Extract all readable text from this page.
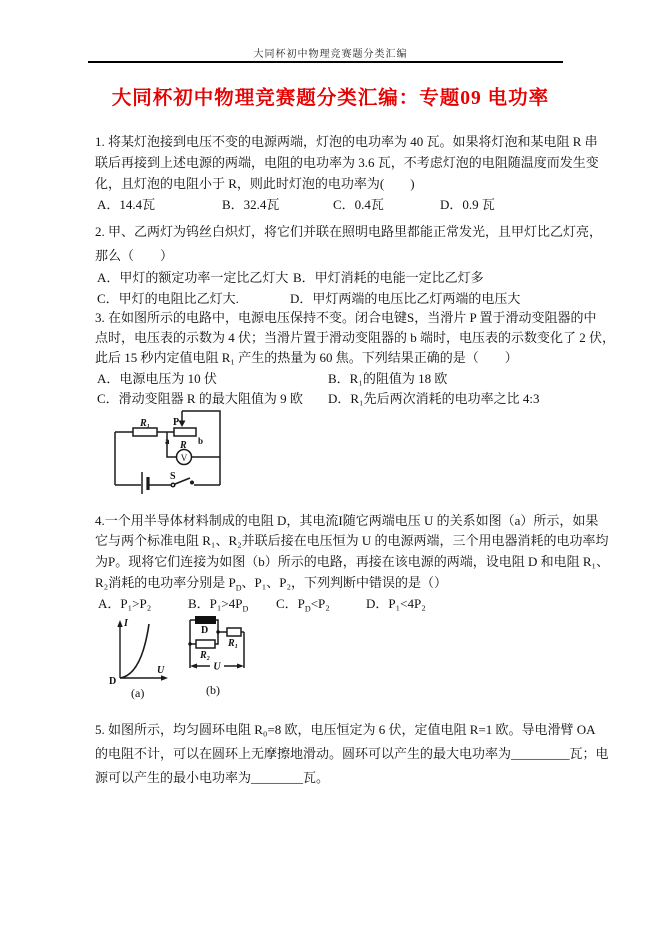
大同杯初中物理竞赛题分类汇编
大同杯初中物理竞赛题分类汇编：专题09 电功率
1. 将某灯泡接到电压不变的电源两端，灯泡的电功率为 40 瓦。如果将灯泡和某电阻 R 串
联后再接到上述电源的两端，电阻的电功率为 3.6 瓦，不考虑灯泡的电阻随温度而发生变
化，且灯泡的电阻小于 R，则此时灯泡的电功率为(　　)
A．14.4瓦	B．32.4瓦	C．0.4瓦	D．0.9 瓦
2. 甲、乙两灯为钨丝白炽灯，将它们并联在照明电路里都能正常发光，且甲灯比乙灯亮，
那么（　　）
A．甲灯的额定功率一定比乙灯大 B．甲灯消耗的电能一定比乙灯多
C．甲灯的电阻比乙灯大.	D．甲灯两端的电压比乙灯两端的电压大
3. 在如图所示的电路中，电源电压保持不变。闭合电键S，当滑片 P 置于滑动变阻器的中
点时，电压表的示数为 4 伏；当滑片置于滑动变阻器的 b 端时，电压表的示数变化了 2 伏，
此后 15 秒内定值电阻 R₁ 产生的热量为 60 焦。下列结果正确的是（　　）
A．电源电压为 10 伏	B．R₁的阻值为 18 欧
C．滑动变阻器 R 的最大阻值为 9 欧 D．R₁先后两次消耗的电功率之比 4:3
R₁ P
a	b
R
V
S
4.一个用半导体材料制成的电阻 D，其电流I随它两端电压 U 的关系如图（a）所示，如果
它与两个标准电阻 R₁、R₂并联后接在电压恒为 U 的电源两端，三个用电器消耗的电功率均
为P。现将它们连接为如图（b）所示的电路，再接在该电源的两端，设电阻 D 和电阻 R₁、
R₂消耗的电功率分别是 $P_D$、P₁、P₂，下列判断中错误的是（）
A．P₁>P₂	B．$P_1>4P_D$ C．$P_D<P_2$	D．P₁<4P₂
I
U
D
(a)
D
R₂
R₁
U
(b)
5. 如图所示，均匀圆环电阻 R₀=8 欧，电压恒定为 6 伏，定值电阻 R=1 欧。导电滑臂 OA
的电阻不计，可以在圆环上无摩擦地滑动。圆环可以产生的最大电功率为_________瓦；电
源可以产生的最小电功率为________瓦。
